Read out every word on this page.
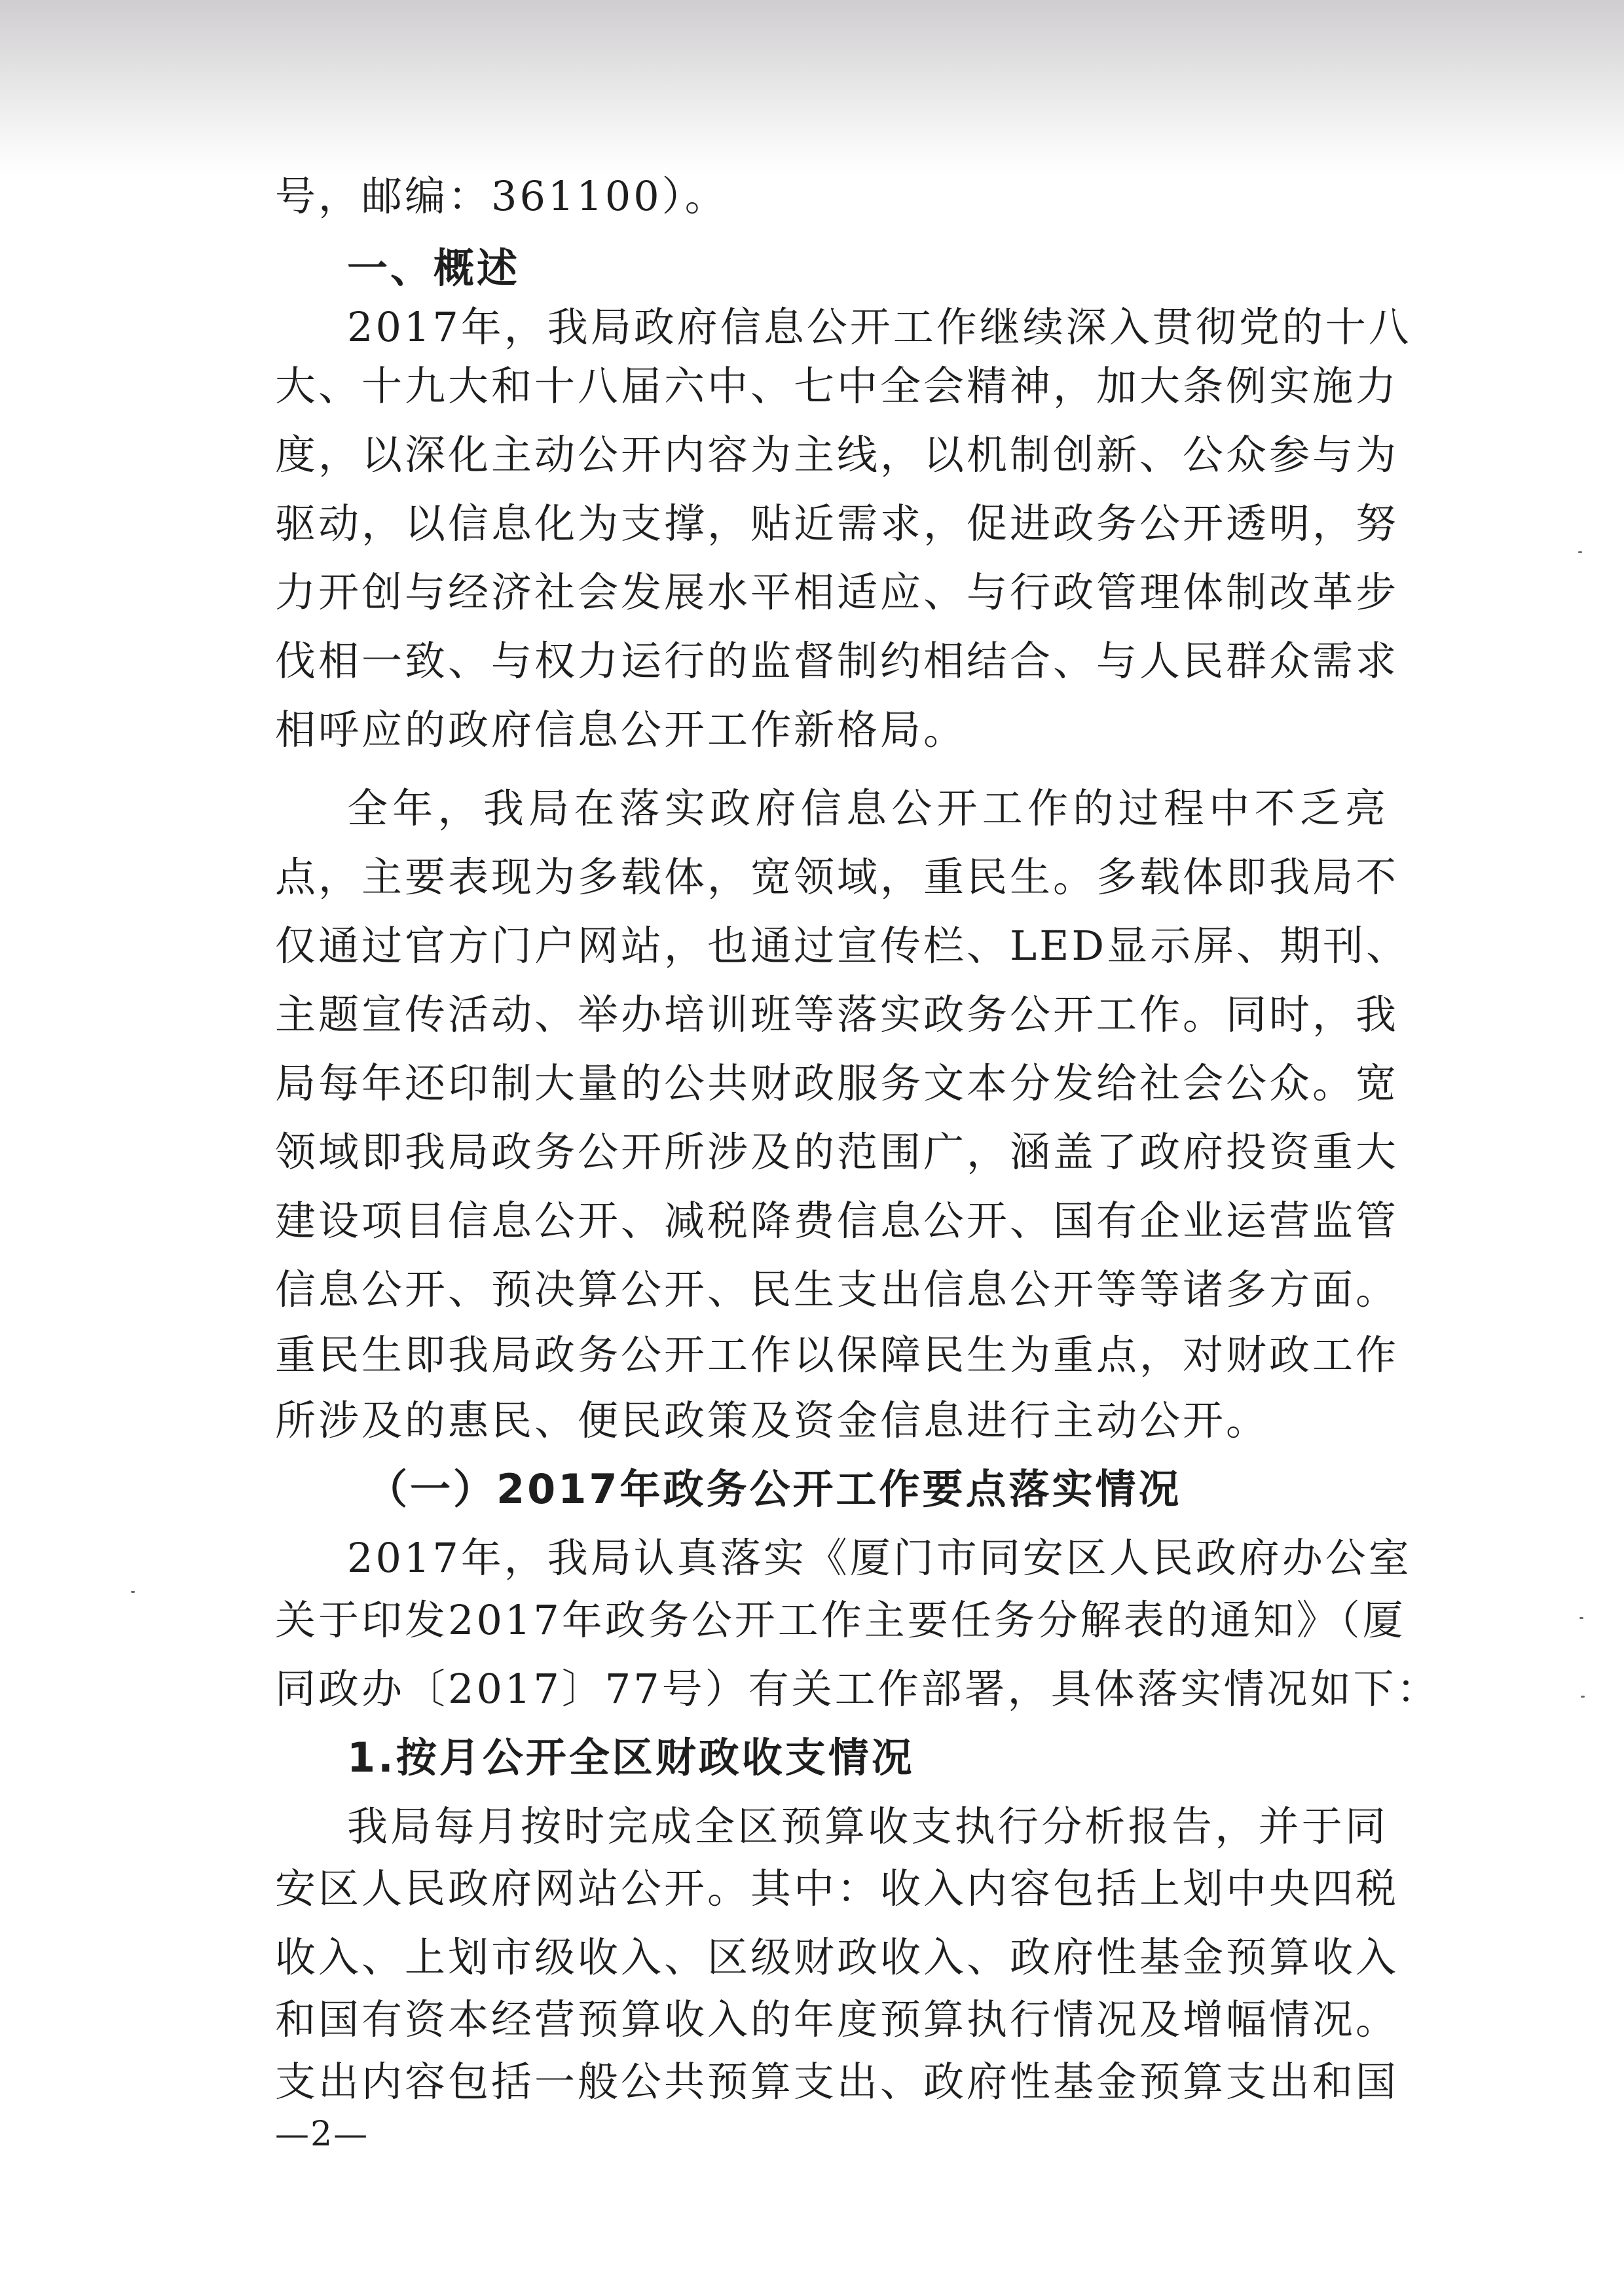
号，邮编：361100）。
一、概述
2017年，我局政府信息公开工作继续深入贯彻党的十八
大、十九大和十八届六中、七中全会精神，加大条例实施力
度，以深化主动公开内容为主线，以机制创新、公众参与为
驱动，以信息化为支撑，贴近需求，促进政务公开透明，努
力开创与经济社会发展水平相适应、与行政管理体制改革步
伐相一致、与权力运行的监督制约相结合、与人民群众需求
相呼应的政府信息公开工作新格局。
全年，我局在落实政府信息公开工作的过程中不乏亮
点，主要表现为多载体，宽领域，重民生。多载体即我局不
仅通过官方门户网站，也通过宣传栏、LED显示屏、期刊、
主题宣传活动、举办培训班等落实政务公开工作。同时，我
局每年还印制大量的公共财政服务文本分发给社会公众。宽
领域即我局政务公开所涉及的范围广，涵盖了政府投资重大
建设项目信息公开、减税降费信息公开、国有企业运营监管
信息公开、预决算公开、民生支出信息公开等等诸多方面。
重民生即我局政务公开工作以保障民生为重点，对财政工作
所涉及的惠民、便民政策及资金信息进行主动公开。
（一）2017年政务公开工作要点落实情况
2017年，我局认真落实《厦门市同安区人民政府办公室
关于印发2017年政务公开工作主要任务分解表的通知》（厦
同政办〔2017〕77号）有关工作部署，具体落实情况如下：
1.按月公开全区财政收支情况
我局每月按时完成全区预算收支执行分析报告，并于同
安区人民政府网站公开。其中：收入内容包括上划中央四税
收入、上划市级收入、区级财政收入、政府性基金预算收入
和国有资本经营预算收入的年度预算执行情况及增幅情况。
支出内容包括一般公共预算支出、政府性基金预算支出和国
—2—
